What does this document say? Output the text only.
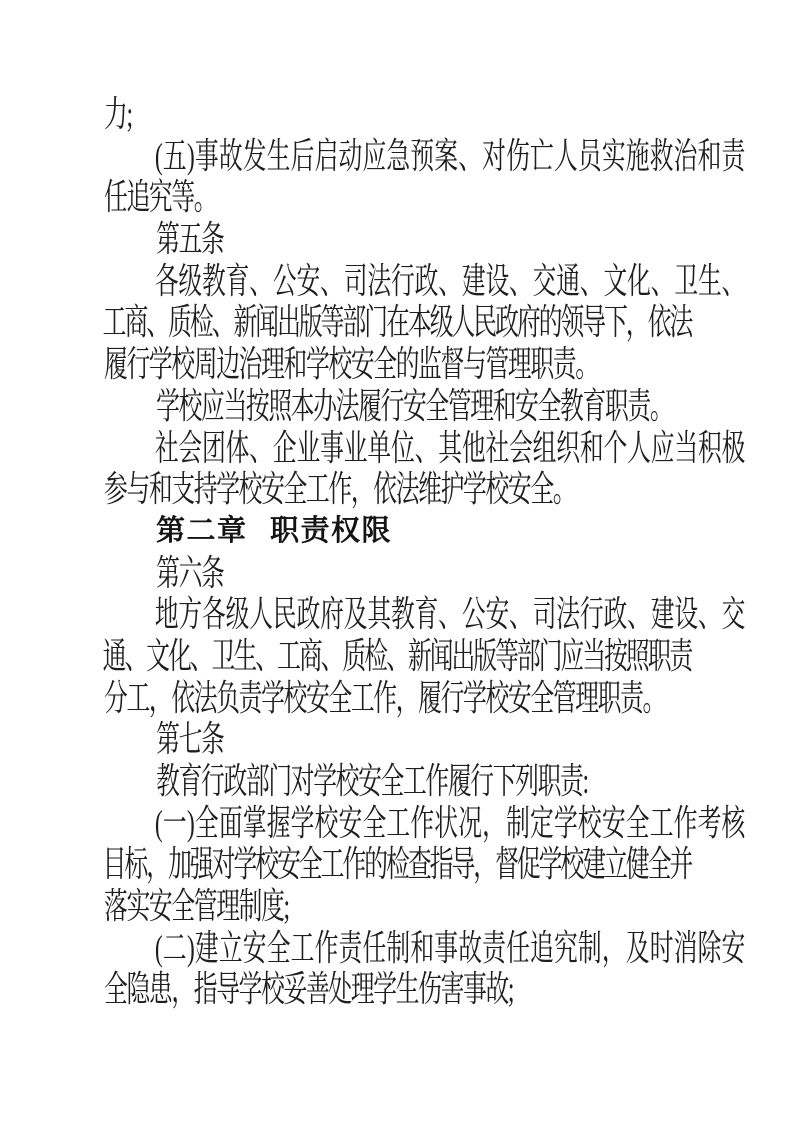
力;
( 五 ) 事 故 发 生 后 启 动 应 急 预 案 、 对 伤 亡 人 员 实 施 救 治 和 责
任追究等。
第五条
各 级 教 育 、 公 安 、 司 法 行 政 、 建 设 、 交 通 、 文 化 、 卫 生 、
工
商
、
质
检
、
新
闻
出
版
等
部
门
在
本
级
人
民
政
府
的
领
导
下
，
依
法
履行学校周边治理和学校安全的监督与管理职责。
学校应当按照本办法履行安全管理和安全教育职责。
社 会 团 体 、 企 业 事 业 单 位 、 其 他 社 会 组 织 和 个 人 应 当 积 极
参与和支持学校安全工作，依法维护学校安全。
第二章 职责权限
第六条
地 方 各 级 人 民 政 府 及 其 教 育 、 公 安 、 司 法 行 政 、 建 设 、 交
通
、
文
化
、
卫
生
、
工
商
、
质
检
、
新
闻
出
版
等
部
门
应
当
按
照
职
责
分工，依法负责学校安全工作，履行学校安全管理职责。
第七条
教育行政部门对学校安全工作履行下列职责:
( 一 ) 全 面 掌 握 学 校 安 全 工 作 状 况 ， 制 定 学 校 安 全 工 作 考 核
目
标
，
加
强
对
学
校
安
全
工
作
的
检
查
指
导
，
督
促
学
校
建
立
健
全
并
落实安全管理制度;
( 二 ) 建 立 安 全 工 作 责 任 制 和 事 故 责 任 追 究 制 ， 及 时 消 除 安
全隐患，指导学校妥善处理学生伤害事故;
